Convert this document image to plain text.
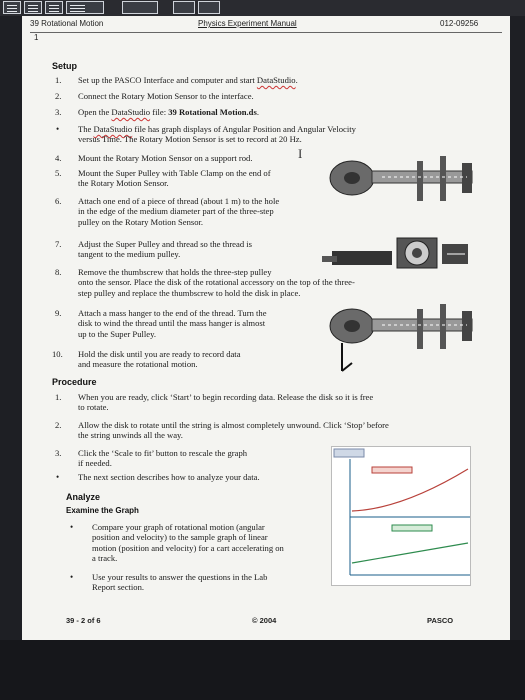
39 Rotational Motion	Physics Experiment Manual	012-09256
1
Setup
1. Set up the PASCO Interface and computer and start DataStudio.
2. Connect the Rotary Motion Sensor to the interface.
3. Open the DataStudio file: 39 Rotational Motion.ds.
• The DataStudio file has graph displays of Angular Position and Angular Velocity
versus Time. The Rotary Motion Sensor is set to record at 20 Hz.
4. Mount the Rotary Motion Sensor on a support rod.	I
5. Mount the Super Pulley with Table Clamp on the end of
the Rotary Motion Sensor.
6. Attach one end of a piece of thread (about 1 m) to the hole
in the edge of the medium diameter part of the three-step
pulley on the Rotary Motion Sensor.
7. Adjust the Super Pulley and thread so the thread is
tangent to the medium pulley.
8. Remove the thumbscrew that holds the three-step pulley
onto the sensor. Place the disk of the rotational accessory on the top of the three-
step pulley and replace the thumbscrew to hold the disk in place.
9. Attach a mass hanger to the end of the thread. Turn the
disk to wind the thread until the mass hanger is almost
up to the Super Pulley.
10. Hold the disk until you are ready to record data
and measure the rotational motion.
Procedure
1. When you are ready, click ‘Start’ to begin recording data. Release the disk so it is free
to rotate.
2. Allow the disk to rotate until the string is almost completely unwound. Click ‘Stop’ before
the string unwinds all the way.
3. Click the ‘Scale to fit’ button to rescale the graph
if needed.
• The next section describes how to analyze your data.
Analyze
Examine the Graph
• Compare your graph of rotational motion (angular
position and velocity) to the sample graph of linear
motion (position and velocity) for a cart accelerating on
a track.
• Use your results to answer the questions in the Lab
Report section.
39 - 2 of 6	© 2004	PASCO
